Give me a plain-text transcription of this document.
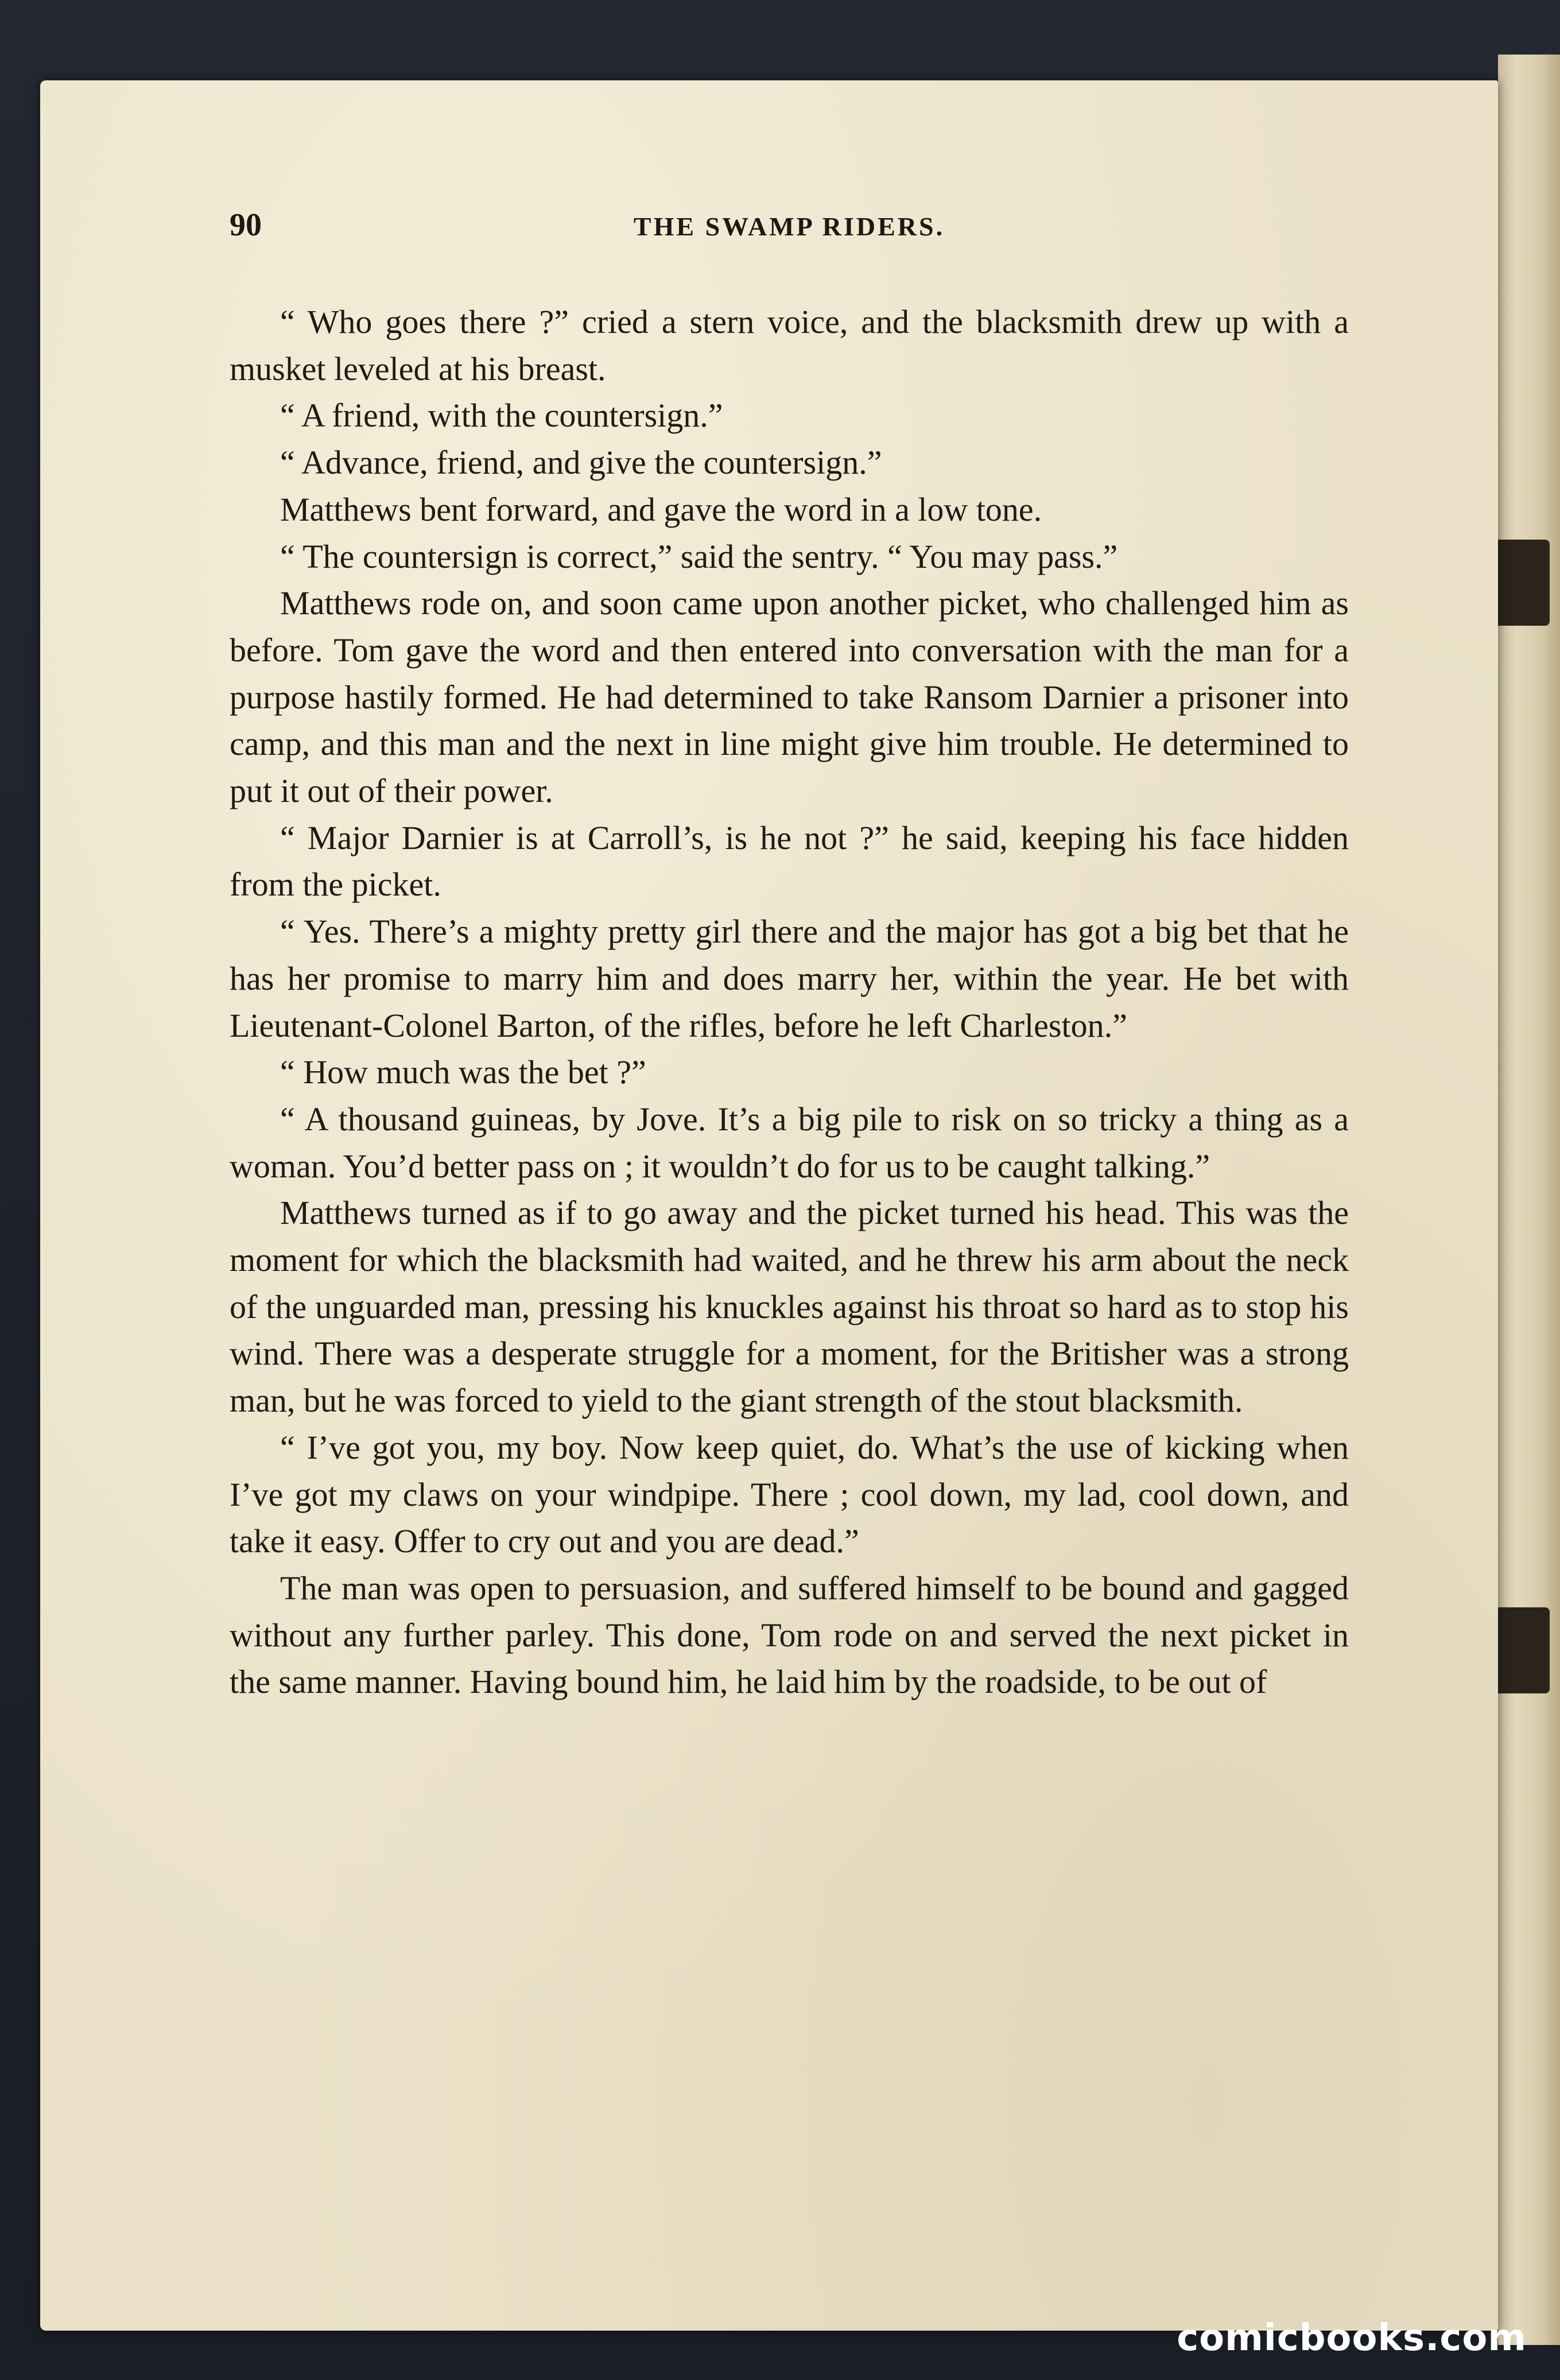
90	THE SWAMP RIDERS.

“ Who goes there ?” cried a stern voice, and the blacksmith drew up with a musket leveled at his breast.

“ A friend, with the countersign.”

“ Advance, friend, and give the countersign.”

Matthews bent forward, and gave the word in a low tone.

“ The countersign is correct,” said the sentry. “ You may pass.”

Matthews rode on, and soon came upon another picket, who challenged him as before. Tom gave the word and then entered into conversation with the man for a purpose hastily formed. He had determined to take Ransom Darnier a prisoner into camp, and this man and the next in line might give him trouble. He determined to put it out of their power.

“ Major Darnier is at Carroll’s, is he not ?” he said, keeping his face hidden from the picket.

“ Yes. There’s a mighty pretty girl there and the major has got a big bet that he has her promise to marry him and does marry her, within the year. He bet with Lieutenant-Colonel Barton, of the rifles, before he left Charleston.”

“ How much was the bet ?”

“ A thousand guineas, by Jove. It’s a big pile to risk on so tricky a thing as a woman. You’d better pass on ; it wouldn’t do for us to be caught talking.”

Matthews turned as if to go away and the picket turned his head. This was the moment for which the blacksmith had waited, and he threw his arm about the neck of the unguarded man, pressing his knuckles against his throat so hard as to stop his wind. There was a desperate struggle for a moment, for the Britisher was a strong man, but he was forced to yield to the giant strength of the stout blacksmith.

“ I’ve got you, my boy. Now keep quiet, do. What’s the use of kicking when I’ve got my claws on your windpipe. There ; cool down, my lad, cool down, and take it easy. Offer to cry out and you are dead.”

The man was open to persuasion, and suffered himself to be bound and gagged without any further parley. This done, Tom rode on and served the next picket in the same manner. Having bound him, he laid him by the roadside, to be out of

comicbooks.com
